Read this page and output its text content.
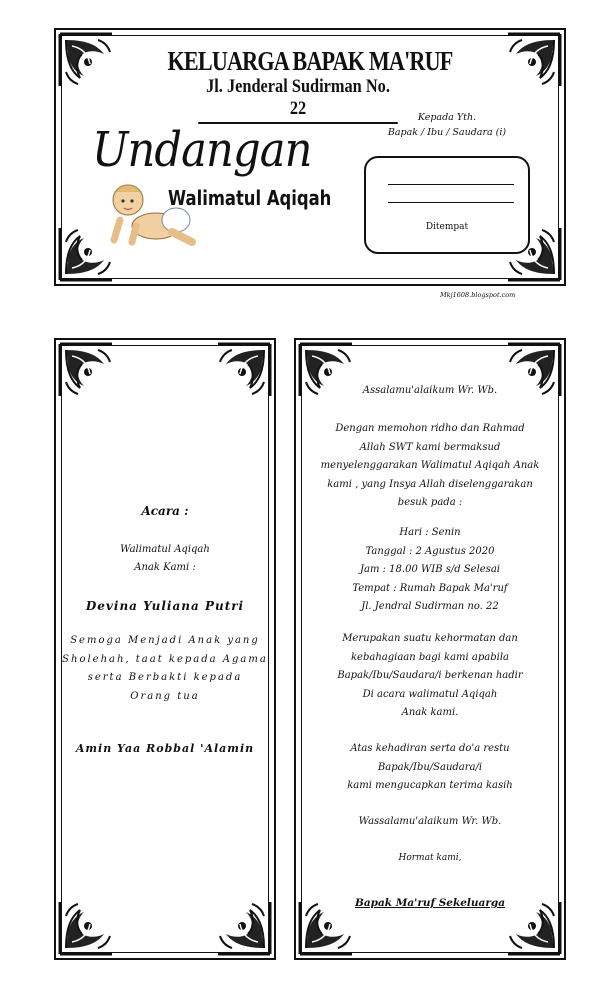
KELUARGA BAPAK MA'RUF
Jl. Jenderal Sudirman No. 22
Undangan
Walimatul Aqiqah
Kepada Yth.
Bapak / Ibu / Saudara (i)
Ditempat
Mkj1608.blogspot.com
Acara :
Walimatul Aqiqah
Anak Kami :
Devina Yuliana Putri
Semoga Menjadi Anak yang
Sholehah, taat kepada Agama
serta Berbakti kepada
Orang tua
Amin Yaa Robbal 'Alamin
Assalamu'alaikum Wr. Wb.
Dengan memohon ridho dan Rahmad
Allah SWT kami bermaksud
menyelenggarakan Walimatul Aqiqah Anak
kami , yang Insya Allah diselenggarakan
besuk pada :
Hari : Senin
Tanggal : 2 Agustus 2020
Jam : 18.00 WIB s/d Selesai
Tempat : Rumah Bapak Ma'ruf
Jl. Jendral Sudirman no. 22
Merupakan suatu kehormatan dan
kebahagiaan bagi kami apabila
Bapak/Ibu/Saudara/i berkenan hadir
Di acara walimatul Aqiqah
Anak kami.
Atas kehadiran serta do'a restu
Bapak/Ibu/Saudara/i
kami mengucapkan terima kasih
Wassalamu'alaikum Wr. Wb.
Hormat kami,
Bapak Ma'ruf Sekeluarga
